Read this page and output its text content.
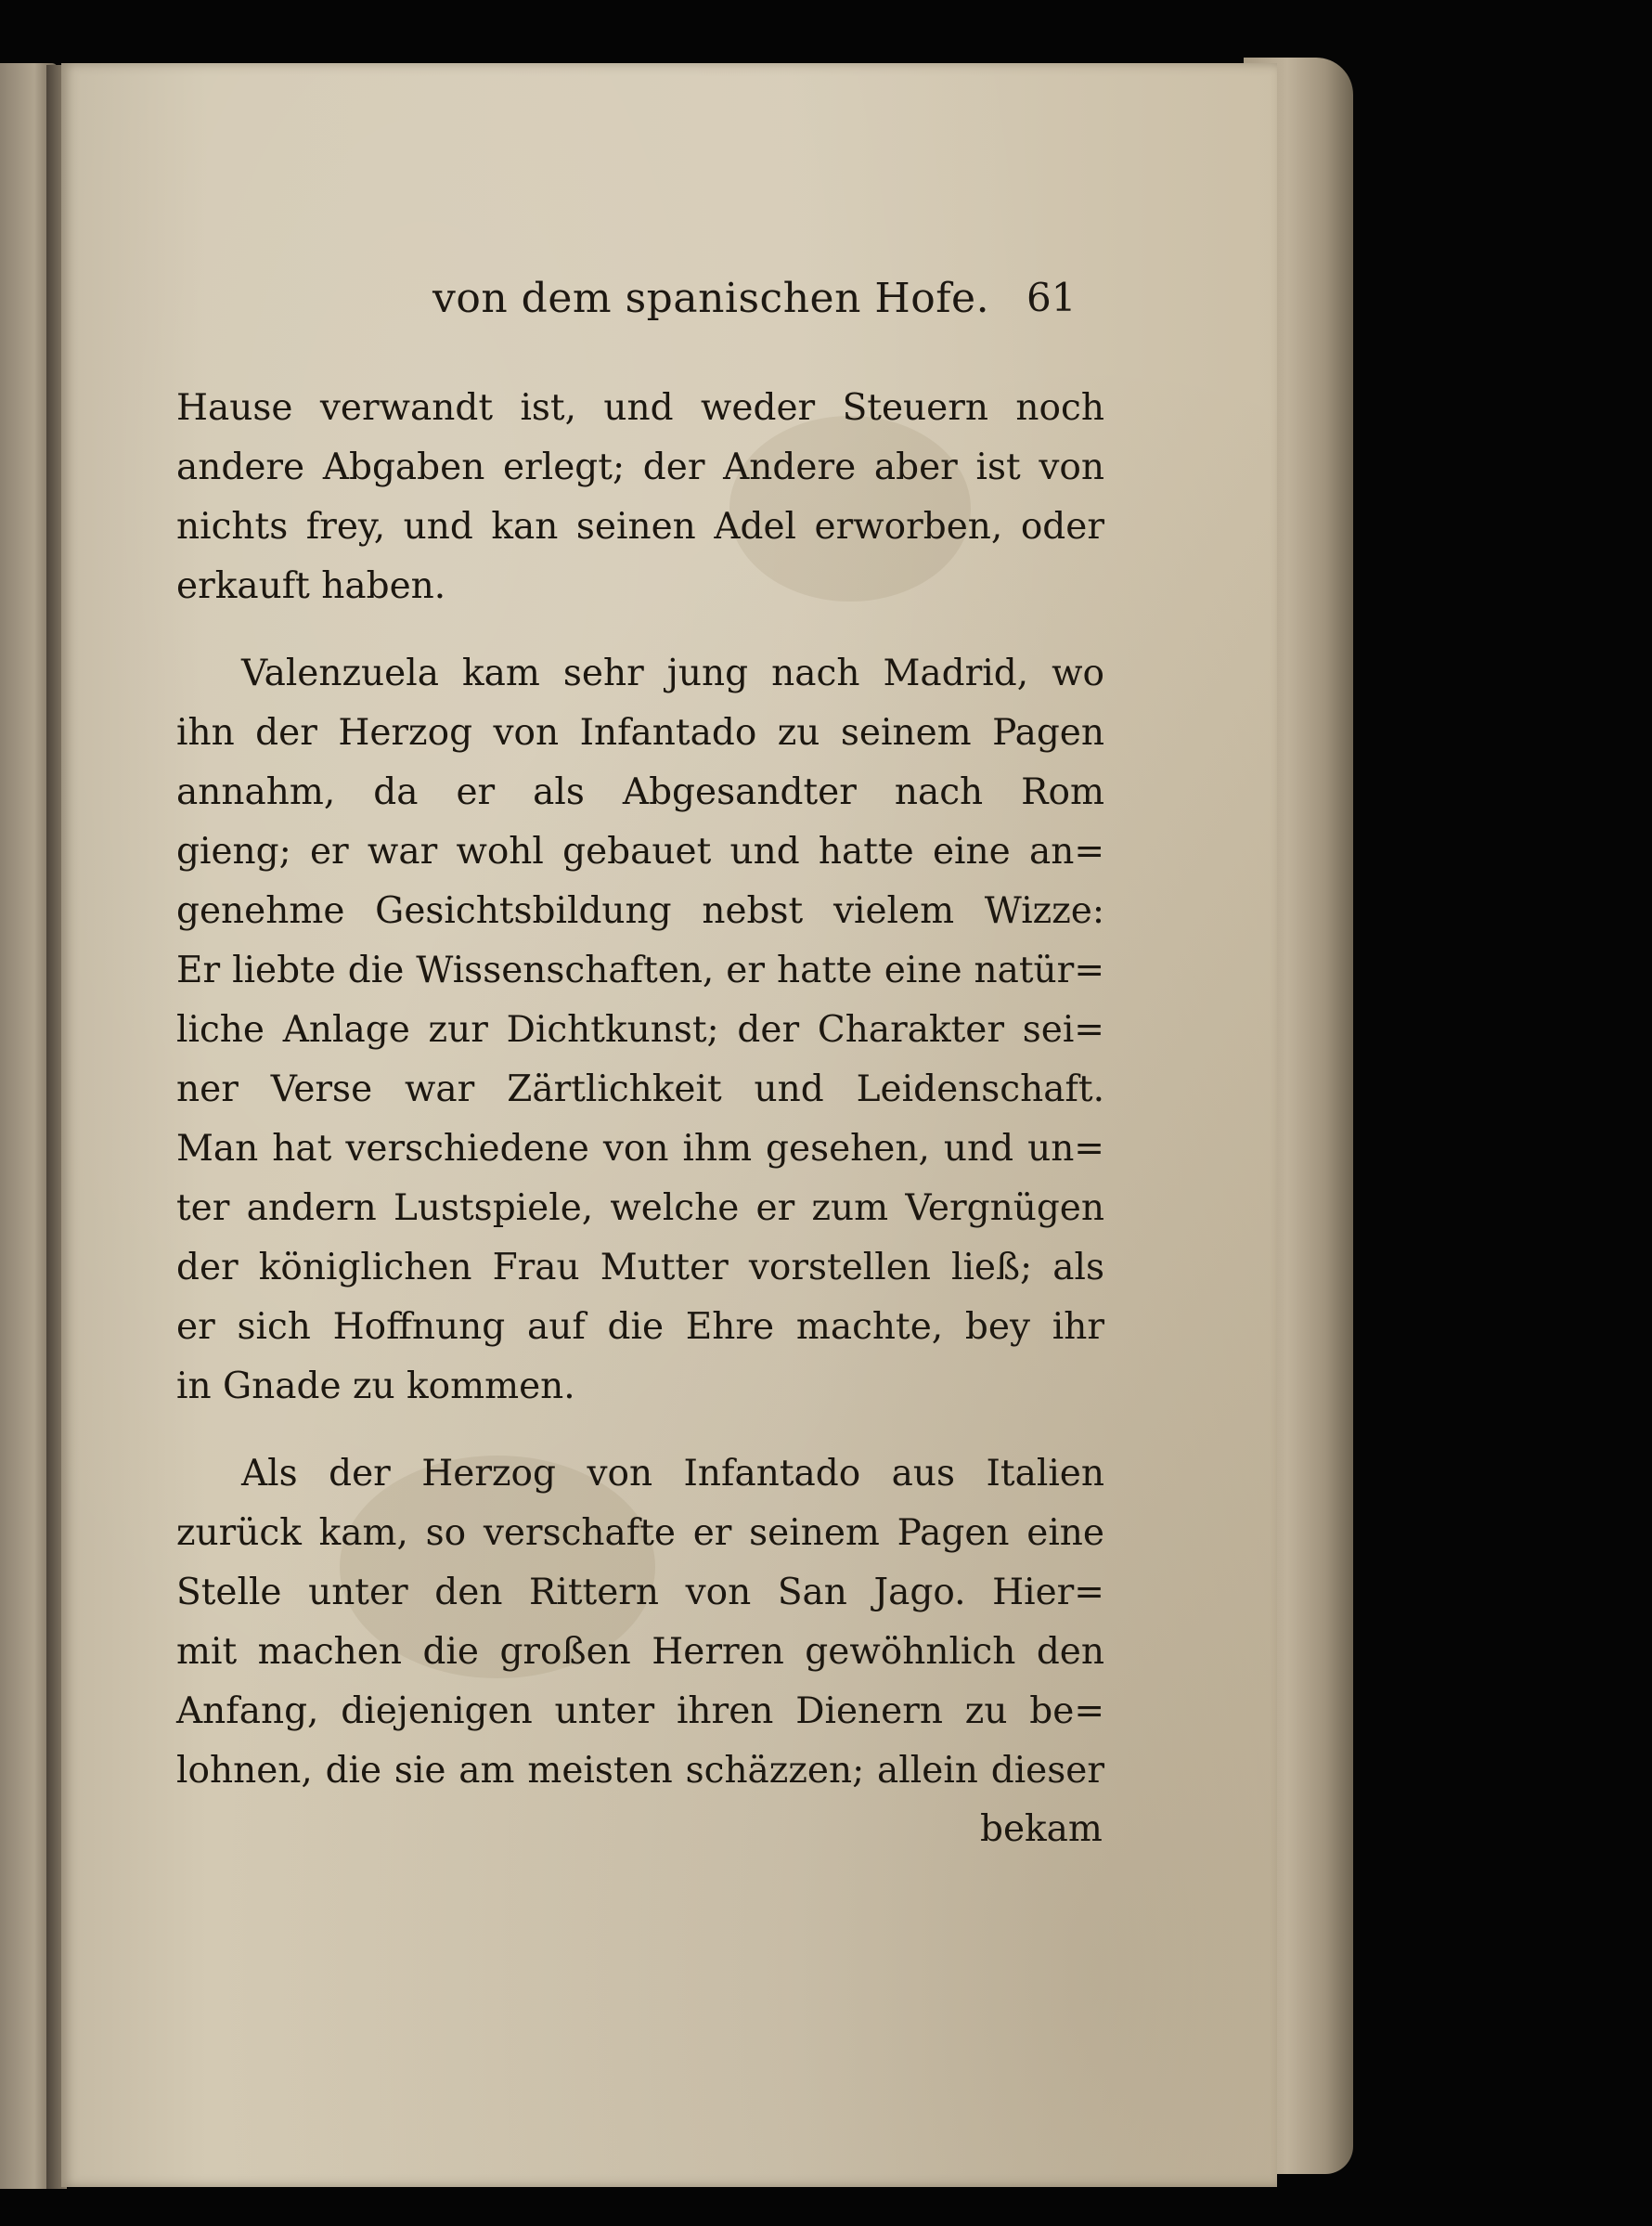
von dem spanischen Hofe. 61
Hause verwandt ist, und weder Steuern noch
andere Abgaben erlegt; der Andere aber ist von
nichts frey, und kan seinen Adel erworben, oder
erkauft haben.
Valenzuela kam sehr jung nach Madrid, wo
ihn der Herzog von Infantado zu seinem Pagen
annahm, da er als Abgesandter nach Rom
gieng; er war wohl gebauet und hatte eine an=
genehme Gesichtsbildung nebst vielem Wizze:
Er liebte die Wissenschaften, er hatte eine natür=
liche Anlage zur Dichtkunst; der Charakter sei=
ner Verse war Zärtlichkeit und Leidenschaft.
Man hat verschiedene von ihm gesehen, und un=
ter andern Lustspiele, welche er zum Vergnügen
der königlichen Frau Mutter vorstellen ließ; als
er sich Hoffnung auf die Ehre machte, bey ihr
in Gnade zu kommen.
Als der Herzog von Infantado aus Italien
zurück kam, so verschafte er seinem Pagen eine
Stelle unter den Rittern von San Jago. Hier=
mit machen die großen Herren gewöhnlich den
Anfang, diejenigen unter ihren Dienern zu be=
lohnen, die sie am meisten schäzzen; allein dieser
bekam
